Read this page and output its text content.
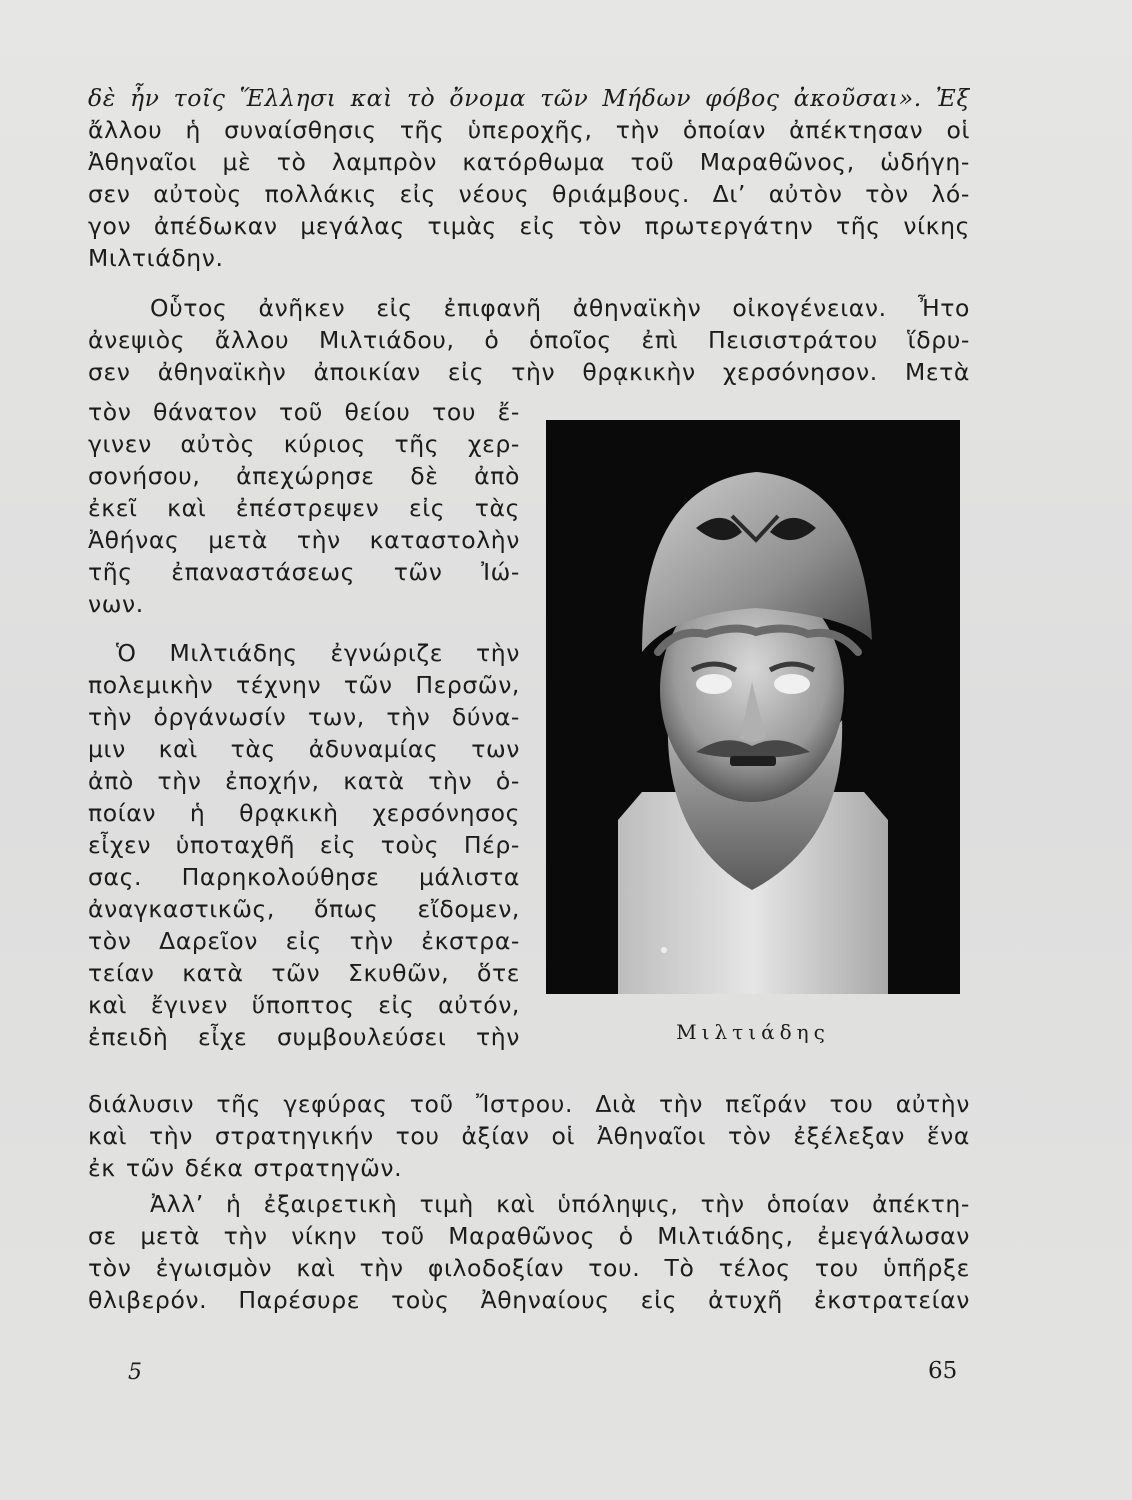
δὲ ἦν τοῖς Ἕλλησι καὶ τὸ ὄνομα τῶν Μήδων φόβος ἀκοῦσαι». Ἐξ
ἄλλου ἡ συναίσθησις τῆς ὑπεροχῆς, τὴν ὁποίαν ἀπέκτησαν οἱ
Ἀθηναῖοι μὲ τὸ λαμπρὸν κατόρθωμα τοῦ Μαραθῶνος, ὡδήγη-
σεν αὐτοὺς πολλάκις εἰς νέους θριάμβους. Δι’ αὐτὸν τὸν λό-
γον ἀπέδωκαν μεγάλας τιμὰς εἰς τὸν πρωτεργάτην τῆς νίκης
Μιλτιάδην.
Οὗτος ἀνῆκεν εἰς ἐπιφανῆ ἀθηναϊκὴν οἰκογένειαν. Ἦτο
ἀνεψιὸς ἄλλου Μιλτιάδου, ὁ ὁποῖος ἐπὶ Πεισιστράτου ἵδρυ-
σεν ἀθηναϊκὴν ἀποικίαν εἰς τὴν θρᾳκικὴν χερσόνησον. Μετὰ
τὸν θάνατον τοῦ θείου του ἔ-
γινεν αὐτὸς κύριος τῆς χερ-
σονήσου, ἀπεχώρησε δὲ ἀπὸ
ἐκεῖ καὶ ἐπέστρεψεν εἰς τὰς
Ἀθήνας μετὰ τὴν καταστολὴν
τῆς ἐπαναστάσεως τῶν Ἰώ-
νων.
Ὁ Μιλτιάδης ἐγνώριζε τὴν
πολεμικὴν τέχνην τῶν Περσῶν,
τὴν ὀργάνωσίν των, τὴν δύνα-
μιν καὶ τὰς ἀδυναμίας των
ἀπὸ τὴν ἐποχήν, κατὰ τὴν ὁ-
ποίαν ἡ θρᾳκικὴ χερσόνησος
εἶχεν ὑποταχθῆ εἰς τοὺς Πέρ-
σας. Παρηκολούθησε μάλιστα
ἀναγκαστικῶς, ὅπως εἴδομεν,
τὸν Δαρεῖον εἰς τὴν ἐκστρα-
τείαν κατὰ τῶν Σκυθῶν, ὅτε
καὶ ἔγινεν ὕποπτος εἰς αὐτόν,
ἐπειδὴ εἶχε συμβουλεύσει τὴν
διάλυσιν τῆς γεφύρας τοῦ Ἴστρου. Διὰ τὴν πεῖράν του αὐτὴν
καὶ τὴν στρατηγικήν του ἀξίαν οἱ Ἀθηναῖοι τὸν ἐξέλεξαν ἕνα
ἐκ τῶν δέκα στρατηγῶν.
Ἀλλ’ ἡ ἐξαιρετικὴ τιμὴ καὶ ὑπόληψις, τὴν ὁποίαν ἀπέκτη-
σε μετὰ τὴν νίκην τοῦ Μαραθῶνος ὁ Μιλτιάδης, ἐμεγάλωσαν
τὸν ἐγωισμὸν καὶ τὴν φιλοδοξίαν του. Τὸ τέλος του ὑπῆρξε
θλιβερόν. Παρέσυρε τοὺς Ἀθηναίους εἰς ἀτυχῆ ἐκστρατείαν
Μιλτιάδης
5	65
